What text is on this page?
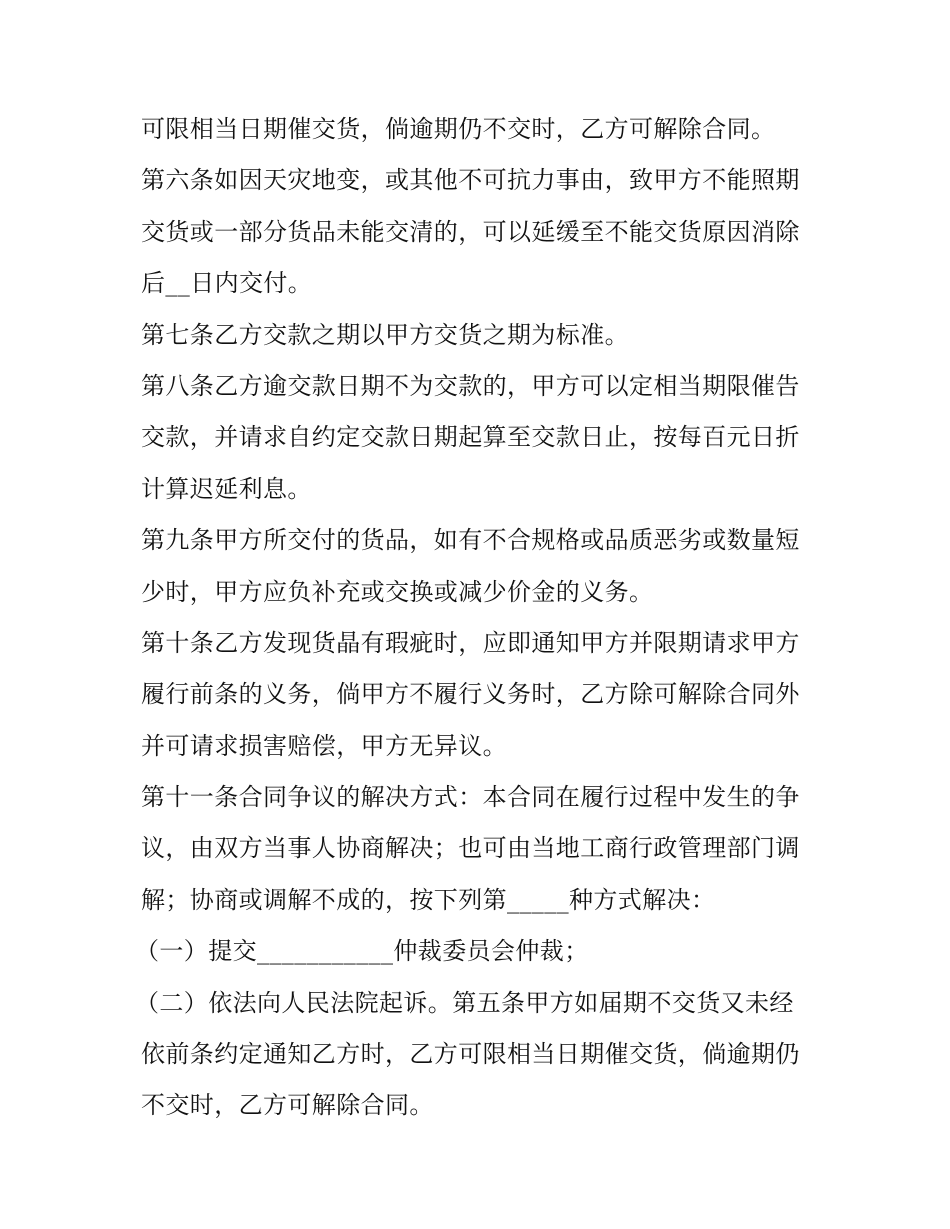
可限相当日期催交货，倘逾期仍不交时，乙方可解除合同。
第六条如因天灾地变，或其他不可抗力事由，致甲方不能照期
交货或一部分货品未能交清的，可以延缓至不能交货原因消除
后__日内交付。
第七条乙方交款之期以甲方交货之期为标准。
第八条乙方逾交款日期不为交款的，甲方可以定相当期限催告
交款，并请求自约定交款日期起算至交款日止，按每百元日折
计算迟延利息。
第九条甲方所交付的货品，如有不合规格或品质恶劣或数量短
少时，甲方应负补充或交换或减少价金的义务。
第十条乙方发现货晶有瑕疵时，应即通知甲方并限期请求甲方
履行前条的义务，倘甲方不履行义务时，乙方除可解除合同外
并可请求损害赔偿，甲方无异议。
第十一条合同争议的解决方式：本合同在履行过程中发生的争
议，由双方当事人协商解决；也可由当地工商行政管理部门调
解；协商或调解不成的，按下列第_____种方式解决：
（一）提交___________仲裁委员会仲裁；
（二）依法向人民法院起诉。第五条甲方如届期不交货又未经
依前条约定通知乙方时，乙方可限相当日期催交货，倘逾期仍
不交时，乙方可解除合同。
